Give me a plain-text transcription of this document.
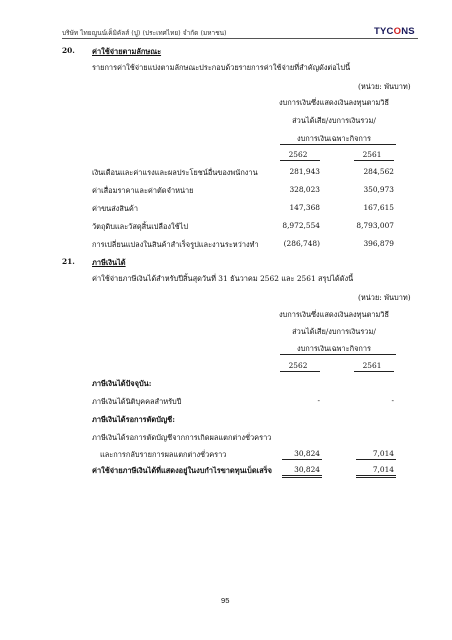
บริษัท ไทยญูนน์เค็มิคัลส์ (ปู) (ประเทศไทย) จำกัด (มหาชน)	TYCONS
20. ค่าใช้จ่ายตามลักษณะ
รายการค่าใช้จ่ายแบ่งตามลักษณะประกอบด้วยรายการค่าใช้จ่ายที่สำคัญดังต่อไปนี้
(หน่วย: พันบาท)
งบการเงินซึ่งแสดงเงินลงทุนตามวิธี
ส่วนได้เสีย/งบการเงินรวม/
งบการเงินเฉพาะกิจการ
2562	2561
เงินเดือนและค่าแรงและผลประโยชน์อื่นของพนักงาน	281,943	284,562
ค่าเสื่อมราคาและค่าตัดจำหน่าย	328,023	350,973
ค่าขนส่งสินค้า	147,368	167,615
วัตถุดิบและวัสดุสิ้นเปลืองใช้ไป	8,972,554	8,793,007
การเปลี่ยนแปลงในสินค้าสำเร็จรูปและงานระหว่างทำ	(286,748)	396,879
21. ภาษีเงินได้
ค่าใช้จ่ายภาษีเงินได้สำหรับปีสิ้นสุดวันที่ 31 ธันวาคม 2562 และ 2561 สรุปได้ดังนี้
(หน่วย: พันบาท)
งบการเงินซึ่งแสดงเงินลงทุนตามวิธี
ส่วนได้เสีย/งบการเงินรวม/
งบการเงินเฉพาะกิจการ
2562	2561
ภาษีเงินได้ปัจจุบัน:
ภาษีเงินได้นิติบุคคลสำหรับปี	-	-
ภาษีเงินได้รอการตัดบัญชี:
ภาษีเงินได้รอการตัดบัญชีจากการเกิดผลแตกต่างชั่วคราว
และการกลับรายการผลแตกต่างชั่วคราว	30,824	7,014
ค่าใช้จ่ายภาษีเงินได้ที่แสดงอยู่ในงบกำไรขาดทุนเบ็ดเสร็จ	30,824	7,014
95
